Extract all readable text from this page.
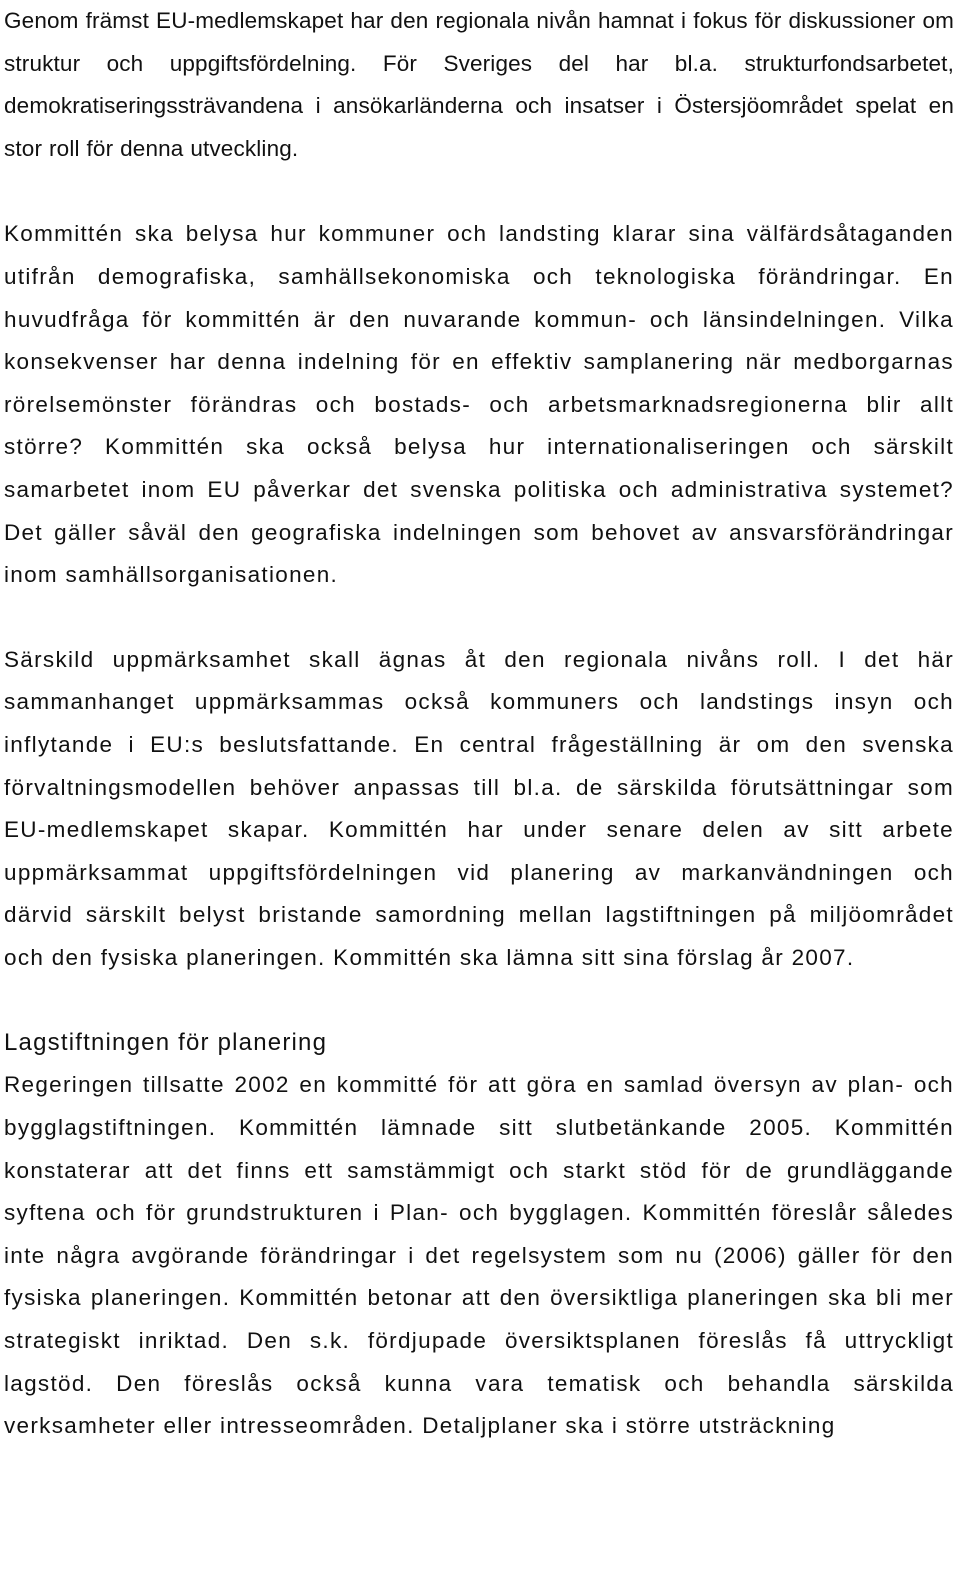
Genom främst EU-medlemskapet har den regionala nivån hamnat i fokus för diskussioner om struktur och uppgiftsfördelning. För Sveriges del har bl.a. strukturfondsarbetet, demokratiseringssträvandena i ansökarländerna och insatser i Östersjöområdet spelat en stor roll för denna utveckling.

Kommittén ska belysa hur kommuner och landsting klarar sina välfärdsåtaganden utifrån demografiska, samhällsekonomiska och teknologiska förändringar. En huvudfråga för kommittén är den nuvarande kommun- och länsindelningen. Vilka konsekvenser har denna indelning för en effektiv samplanering när medborgarnas rörelsemönster förändras och bostads- och arbetsmarknadsregionerna blir allt större? Kommittén ska också belysa hur internationaliseringen och särskilt samarbetet inom EU påverkar det svenska politiska och administrativa systemet? Det gäller såväl den geografiska indelningen som behovet av ansvarsförändringar inom samhällsorganisationen.

Särskild uppmärksamhet skall ägnas åt den regionala nivåns roll. I det här sammanhanget uppmärksammas också kommuners och landstings insyn och inflytande i EU:s beslutsfattande. En central frågeställning är om den svenska förvaltningsmodellen behöver anpassas till bl.a. de särskilda förutsättningar som EU-medlemskapet skapar. Kommittén har under senare delen av sitt arbete uppmärksammat uppgiftsfördelningen vid planering av markanvändningen och därvid särskilt belyst bristande samordning mellan lagstiftningen på miljöområdet och den fysiska planeringen. Kommittén ska lämna sitt sina förslag år 2007.

Lagstiftningen för planering

Regeringen tillsatte 2002 en kommitté för att göra en samlad översyn av plan- och bygglagstiftningen. Kommittén lämnade sitt slutbetänkande 2005. Kommittén konstaterar att det finns ett samstämmigt och starkt stöd för de grundläggande syftena och för grundstrukturen i Plan- och bygglagen. Kommittén föreslår således inte några avgörande förändringar i det regelsystem som nu (2006) gäller för den fysiska planeringen. Kommittén betonar att den översiktliga planeringen ska bli mer strategiskt inriktad. Den s.k. fördjupade översiktsplanen föreslås få uttryckligt lagstöd. Den föreslås också kunna vara tematisk och behandla särskilda verksamheter eller intresseområden. Detaljplaner ska i större utsträckning
